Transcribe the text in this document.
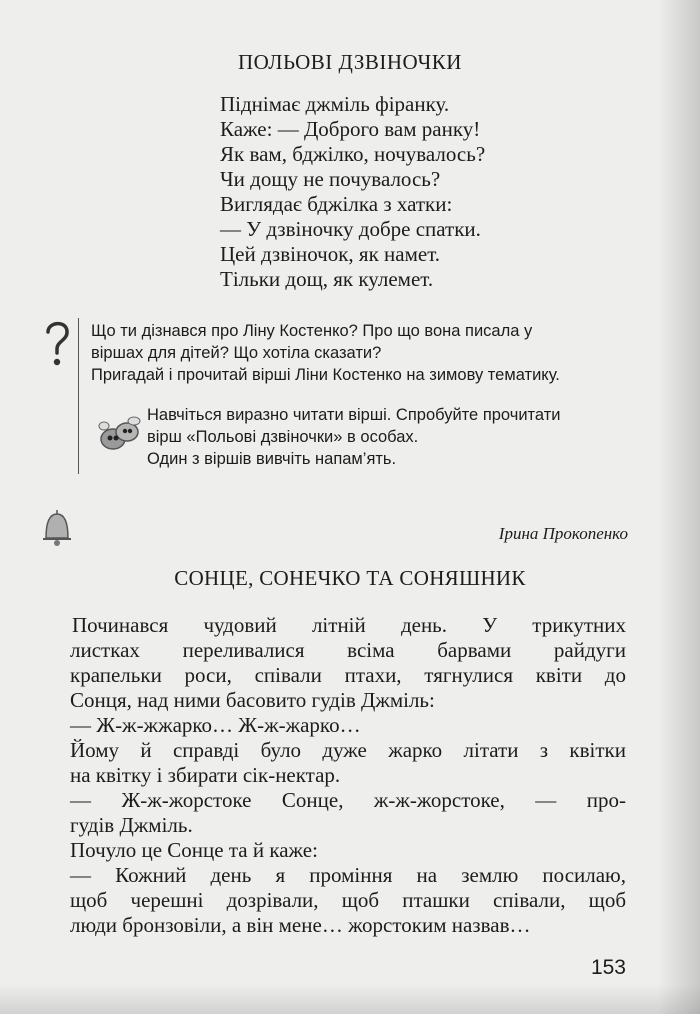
ПОЛЬОВІ ДЗВІНОЧКИ
Піднімає джміль фіранку.
Каже: — Доброго вам ранку!
Як вам, бджілко, ночувалось?
Чи дощу не почувалось?
Виглядає бджілка з хатки:
— У дзвіночку добре спатки.
Цей дзвіночок, як намет.
Тільки дощ, як кулемет.
Що ти дізнався про Ліну Костенко? Про що вона писала у
віршах для дітей? Що хотіла сказати?
Пригадай і прочитай вірші Ліни Костенко на зимову тематику.
Навчіться виразно читати вірші. Спробуйте прочитати
вірш «Польові дзвіночки» в особах.
Один з віршів вивчіть напам’ять.
Ірина Прокопенко
СОНЦЕ, СОНЕЧКО ТА СОНЯШНИК

Починався чудовий літній день. У трикутних

листках переливалися всіма барвами райдуги

крапельки роси, співали птахи, тягнулися квіти до

Сонця, над ними басовито гудів Джміль:

— Ж-ж-жжарко… Ж-ж-жарко…

Йому й справді було дуже жарко літати з квітки

на квітку і збирати сік-нектар.

— Ж-ж-жорстоке Сонце, ж-ж-жорстоке, — про-

гудів Джміль.

Почуло це Сонце та й каже:

— Кожний день я проміння на землю посилаю,

щоб черешні дозрівали, щоб пташки співали, щоб

люди бронзовіли, а він мене… жорстоким назвав…

153
